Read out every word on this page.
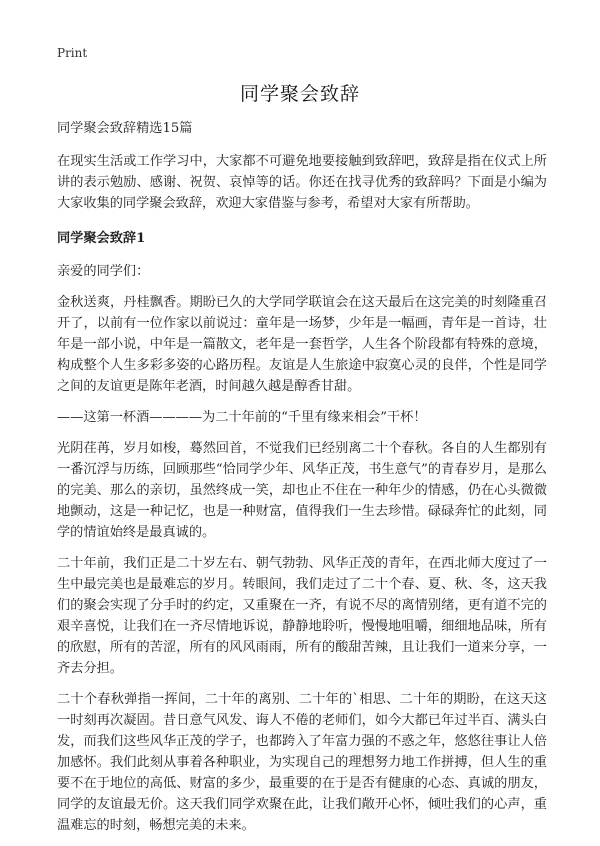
Print
同学聚会致辞

同学聚会致辞精选15篇

在现实生活或工作学习中，大家都不可避免地要接触到致辞吧，致辞是指在仪式上所讲的表示勉励、感谢、祝贺、哀悼等的话。你还在找寻优秀的致辞吗？下面是小编为大家收集的同学聚会致辞，欢迎大家借鉴与参考，希望对大家有所帮助。

同学聚会致辞1

亲爱的同学们：

金秋送爽，丹桂飘香。期盼已久的大学同学联谊会在这天最后在这完美的时刻隆重召开了，以前有一位作家以前说过：童年是一场梦，少年是一幅画，青年是一首诗，壮年是一部小说，中年是一篇散文，老年是一套哲学，人生各个阶段都有特殊的意境，构成整个人生多彩多姿的心路历程。友谊是人生旅途中寂寞心灵的良伴，个性是同学之间的友谊更是陈年老酒，时间越久越是醇香甘甜。

——这第一杯酒————为二十年前的“千里有缘来相会”干杯！

光阴荏苒，岁月如梭，蓦然回首，不觉我们已经别离二十个春秋。各自的人生都别有一番沉浮与历练，回顾那些“恰同学少年、风华正茂，书生意气”的青春岁月，是那么的完美、那么的亲切，虽然终成一笑，却也止不住在一种年少的情感，仍在心头微微地颤动，这是一种记忆，也是一种财富，值得我们一生去珍惜。碌碌奔忙的此刻，同学的情谊始终是最真诚的。

二十年前，我们正是二十岁左右、朝气勃勃、风华正茂的青年，在西北师大度过了一生中最完美也是最难忘的岁月。转眼间，我们走过了二十个春、夏、秋、冬，这天我们的聚会实现了分手时的约定，又重聚在一齐，有说不尽的离情别绪，更有道不完的艰辛喜悦，让我们在一齐尽情地诉说，静静地聆听，慢慢地咀嚼，细细地品味，所有的欣慰，所有的苦涩，所有的风风雨雨，所有的酸甜苦辣，且让我们一道来分享，一齐去分担。

二十个春秋弹指一挥间，二十年的离别、二十年的`相思、二十年的期盼，在这天这一时刻再次凝固。昔日意气风发、诲人不倦的老师们，如今大都已年过半百、满头白发，而我们这些风华正茂的学子，也都跨入了年富力强的不惑之年，悠悠往事让人倍加感怀。我们此刻从事着各种职业，为实现自己的理想努力地工作拼搏，但人生的重要不在于地位的高低、财富的多少，最重要的在于是否有健康的心态、真诚的朋友，同学的友谊最无价。这天我们同学欢聚在此，让我们敞开心怀，倾吐我们的心声，重温难忘的时刻，畅想完美的未来。
